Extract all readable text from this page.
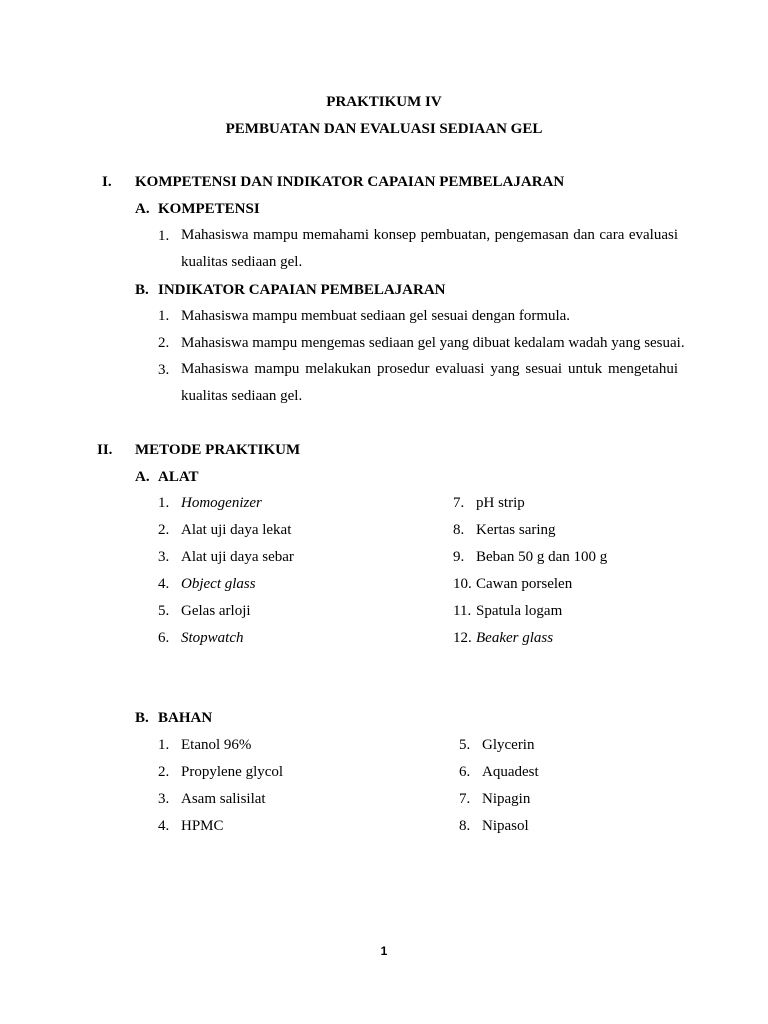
PRAKTIKUM IV
PEMBUATAN DAN EVALUASI SEDIAAN GEL
I. KOMPETENSI DAN INDIKATOR CAPAIAN PEMBELAJARAN
A. KOMPETENSI
1. Mahasiswa mampu memahami konsep pembuatan, pengemasan dan cara evaluasi kualitas sediaan gel.
B. INDIKATOR CAPAIAN PEMBELAJARAN
1. Mahasiswa mampu membuat sediaan gel sesuai dengan formula.
2. Mahasiswa mampu mengemas sediaan gel yang dibuat kedalam wadah yang sesuai.
3. Mahasiswa mampu melakukan prosedur evaluasi yang sesuai untuk mengetahui kualitas sediaan gel.
II. METODE PRAKTIKUM
A. ALAT
1. Homogenizer
2. Alat uji daya lekat
3. Alat uji daya sebar
4. Object glass
5. Gelas arloji
6. Stopwatch
7. pH strip
8. Kertas saring
9. Beban 50 g dan 100 g
10. Cawan porselen
11. Spatula logam
12. Beaker glass
B. BAHAN
1. Etanol 96%
2. Propylene glycol
3. Asam salisilat
4. HPMC
5. Glycerin
6. Aquadest
7. Nipagin
8. Nipasol
1
